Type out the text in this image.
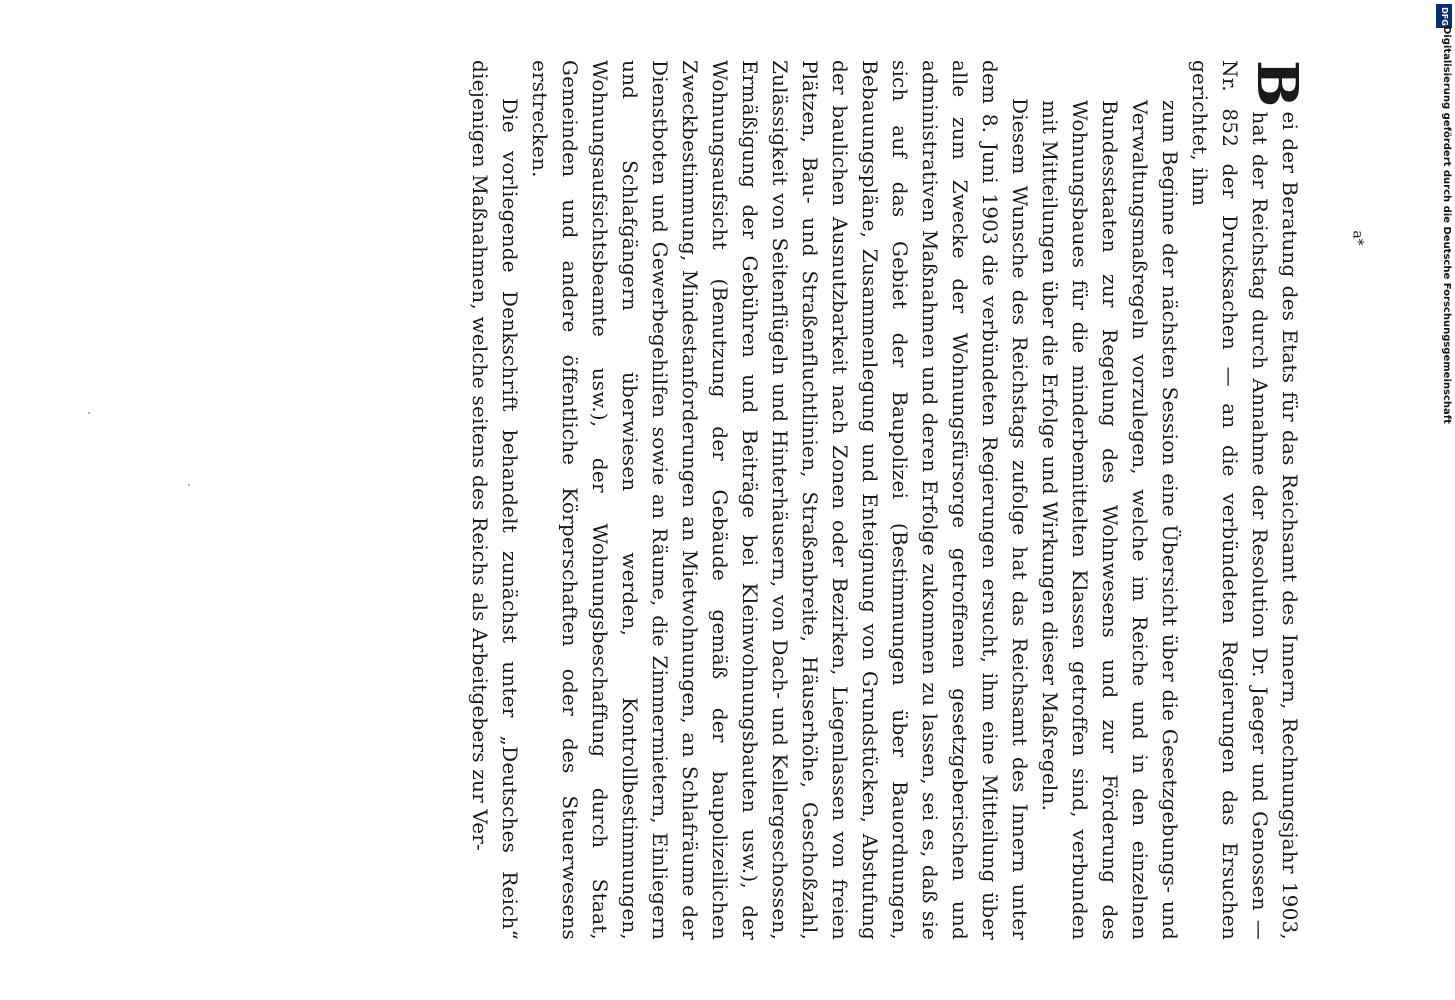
B
ei der Beratung des Etats für das Reichsamt des Innern, Rechnungsjahr 1903, hat der Reichstag durch Annahme der Resolution Dr. Jaeger und Genossen — Nr. 852 der Drucksachen — an die verbündeten Regierungen das Ersuchen gerichtet, ihm

zum Beginne der nächsten Session eine Übersicht über die Gesetzgebungs- und Verwaltungsmaßregeln vorzulegen, welche im Reiche und in den einzelnen Bundesstaaten zur Regelung des Wohnwesens und zur Förderung des Wohnungsbaues für die minderbemittelten Klassen getroffen sind, verbunden mit Mitteilungen über die Erfolge und Wirkungen dieser Maßregeln.

Diesem Wunsche des Reichstags zufolge hat das Reichsamt des Innern unter dem 8. Juni 1903 die verbündeten Regierungen ersucht, ihm eine Mitteilung über alle zum Zwecke der Wohnungsfürsorge getroffenen gesetzgeberischen und administrativen Maßnahmen und deren Erfolge zukommen zu lassen, sei es, daß sie sich auf das Gebiet der Baupolizei (Bestimmungen über Bauordnungen, Bebauungspläne, Zusammenlegung und Enteignung von Grundstücken, Abstufung der baulichen Ausnutzbarkeit nach Zonen oder Bezirken, Liegenlassen von freien Plätzen, Bau- und Straßenfluchtlinien, Straßenbreite, Häuserhöhe, Geschoßzahl, Zulässigkeit von Seitenflügeln und Hinterhäusern, von Dach- und Kellergeschossen, Ermäßigung der Gebühren und Beiträge bei Kleinwohnungsbauten usw.), der Wohnungsaufsicht (Benutzung der Gebäude gemäß der baupolizeilichen Zweckbestimmung, Mindestanforderungen an Mietwohnungen, an Schlafräume der Dienstboten und Gewerbegehilfen sowie an Räume, die Zimmermietern, Einliegern und Schlafgängern überwiesen werden, Kontrollbestimmungen, Wohnungsaufsichtsbeamte usw.), der Wohnungsbeschaffung durch Staat, Gemeinden und andere öffentliche Körperschaften oder des Steuerwesens erstrecken.

Die vorliegende Denkschrift behandelt zunächst unter „Deutsches Reich“ diejenigen Maßnahmen, welche seitens des Reichs als Arbeitgebers zur Ver-	a*
DFG
Digitalisierung gefördert durch die Deutsche Forschungsgemeinschaft
